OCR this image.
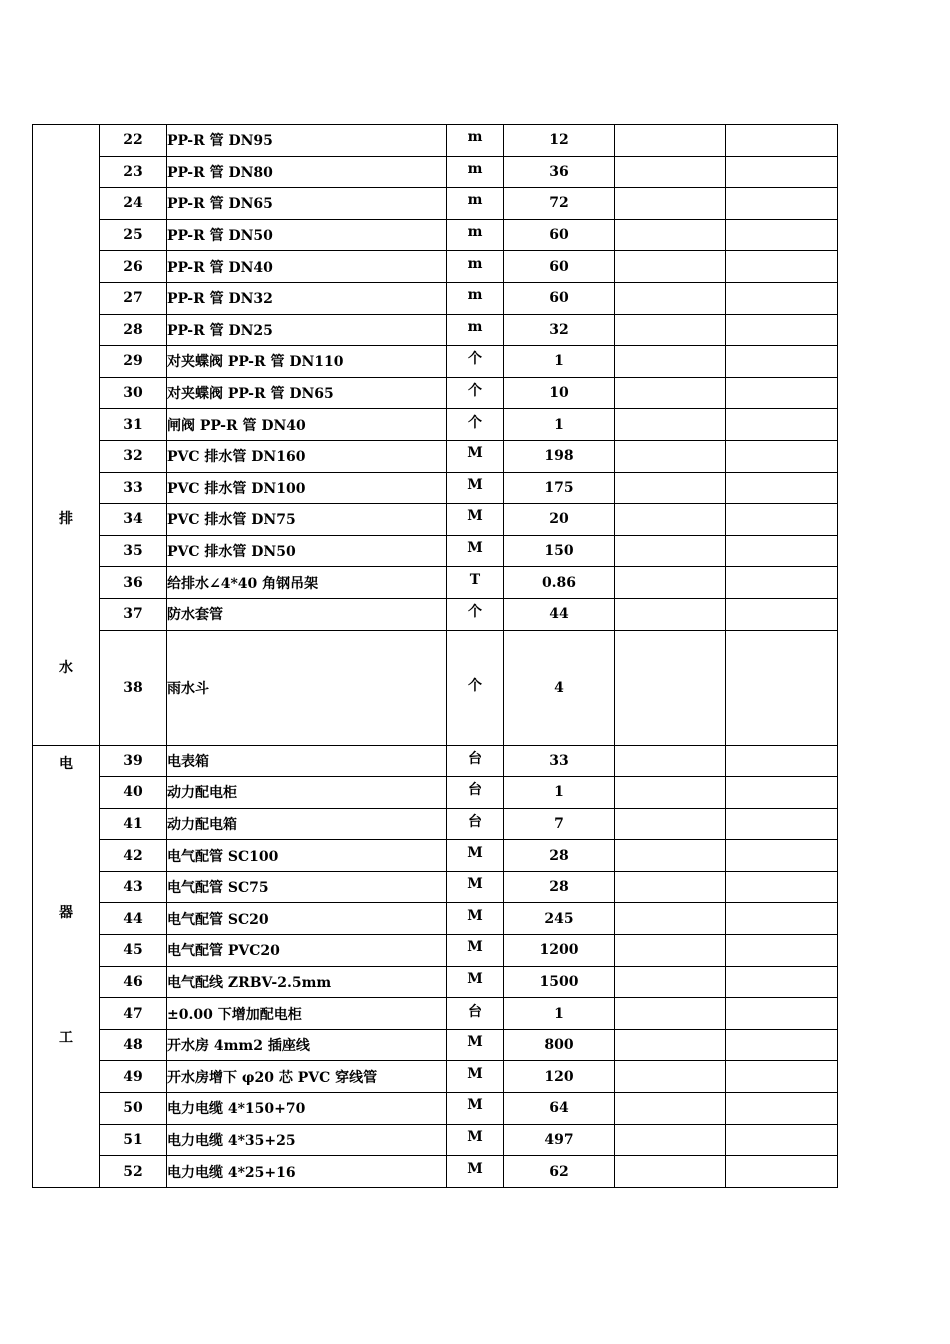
排
水	22	PP-R 管 DN95	m	12			
	23	PP-R 管 DN80	m	36			
	24	PP-R 管 DN65	m	72			
	25	PP-R 管 DN50	m	60			
	26	PP-R 管 DN40	m	60			
	27	PP-R 管 DN32	m	60			
	28	PP-R 管 DN25	m	32			
	29	对夹蝶阀 PP-R 管 DN110	个	1			
	30	对夹蝶阀 PP-R 管 DN65	个	10			
	31	闸阀 PP-R 管 DN40	个	1			
	32	PVC 排水管 DN160	M	198			
	33	PVC 排水管 DN100	M	175			
	34	PVC 排水管 DN75	M	20			
	35	PVC 排水管 DN50	M	150			
	36	给排水∠4*40 角钢吊架	T	0.86			
	37	防水套管	个	44			
	38	雨水斗	个	4			

电
器
工	39	电表箱	台	33			
	40	动力配电柜	台	1			
	41	动力配电箱	台	7			
	42	电气配管 SC100	M	28			
	43	电气配管 SC75	M	28			
	44	电气配管 SC20	M	245			
	45	电气配管 PVC20	M	1200			
	46	电气配线 ZRBV-2.5mm	M	1500			
	47	±0.00 下增加配电柜	台	1			
	48	开水房 4mm2 插座线	M	800			
	49	开水房增下 φ20 芯 PVC 穿线管	M	120			
	50	电力电缆 4*150+70	M	64			
	51	电力电缆 4*35+25	M	497			
	52	电力电缆 4*25+16	M	62			
